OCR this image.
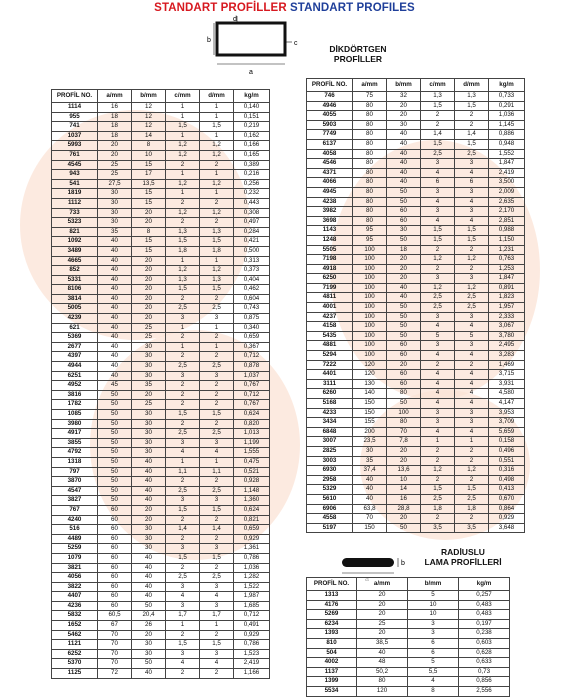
STANDART PROFİLLER STANDART PROFILES
b
a
c
d
DİKDÖRTGEN
PROFİLLER
PROFİL NO.	a/mm	b/mm	c/mm	d/mm	kg/m
1114	16	12	1	1	0,140
955	18	12	1	1	0,151
741	18	12	1,5	1,5	0,219
1037	18	14	1	1	0,162
5993	20	8	1,2	1,2	0,166
761	20	10	1,2	1,2	0,165
4545	25	15	2	2	0,389
943	25	17	1	1	0,216
541	27,5	13,5	1,2	1,2	0,256
1819	30	15	1	1	0,232
1112	30	15	2	2	0,443
733	30	20	1,2	1,2	0,308
5323	30	20	2	2	0,497
821	35	8	1,3	1,3	0,284
1092	40	15	1,5	1,5	0,421
3489	40	15	1,8	1,8	0,500
4665	40	20	1	1	0,313
852	40	20	1,2	1,2	0,373
5331	40	20	1,3	1,3	0,404
8106	40	20	1,5	1,5	0,462
3814	40	20	2	2	0,604
5005	40	20	2,5	2,5	0,743
4239	40	20	3	3	0,875
621	40	25	1	1	0,340
5369	40	25	2	2	0,659
2677	40	30	1	1	0,367
4397	40	30	2	2	0,712
4944	40	30	2,5	2,5	0,878
6251	40	30	3	3	1,037
4952	45	35	2	2	0,767
3816	50	20	2	2	0,712
1782	50	25	2	2	0,767
1085	50	30	1,5	1,5	0,624
3980	50	30	2	2	0,820
4917	50	30	2,5	2,5	1,013
3855	50	30	3	3	1,199
4792	50	30	4	4	1,555
1318	50	40	1	1	0,475
797	50	40	1,1	1,1	0,521
3870	50	40	2	2	0,928
4547	50	40	2,5	2,5	1,148
3827	50	40	3	3	1,360
767	60	20	1,5	1,5	0,624
4240	60	20	2	2	0,821
516	60	30	1,4	1,4	0,659
4489	60	30	2	2	0,929
5259	60	30	3	3	1,361
1079	60	40	1,5	1,5	0,786
3821	60	40	2	2	1,036
4056	60	40	2,5	2,5	1,282
3822	60	40	3	3	1,522
4407	60	40	4	4	1,987
4236	60	50	3	3	1,685
5832	60,5	20,4	1,7	1,7	0,712
1652	67	26	1	1	0,491
5462	70	20	2	2	0,929
1121	70	30	1,5	1,5	0,786
6252	70	30	3	3	1,523
5370	70	50	4	4	2,419
1125	72	40	2	2	1,166
PROFİL NO.	a/mm	b/mm	c/mm	d/mm	kg/m
746	75	32	1,3	1,3	0,733
4946	80	20	1,5	1,5	0,291
4055	80	20	2	2	1,036
5903	80	30	2	2	1,145
7749	80	40	1,4	1,4	0,886
6137	80	40	1,5	1,5	0,948
4058	80	40	2,5	2,5	1,552
4546	80	40	3	3	1,847
4371	80	40	4	4	2,419
4066	80	40	6	6	3,500
4945	80	50	3	3	2,009
4238	80	50	4	4	2,635
3982	80	60	3	3	2,170
3698	80	60	4	4	2,851
1143	95	30	1,5	1,5	0,988
1248	95	50	1,5	1,5	1,150
5505	100	18	2	2	1,231
7198	100	20	1,2	1,2	0,763
4918	100	20	2	2	1,253
6250	100	20	3	3	1,847
7199	100	40	1,2	1,2	0,891
4811	100	40	2,5	2,5	1,823
4001	100	50	2,5	2,5	1,957
4237	100	50	3	3	2,333
4158	100	50	4	4	3,067
5435	100	50	5	5	3,780
4881	100	60	3	3	2,495
5294	100	60	4	4	3,283
7222	120	20	2	2	1,469
4401	120	60	4	4	3,715
3111	130	60	4	4	3,931
6260	140	80	4	4	4,580
5168	150	50	4	4	4,147
4233	150	100	3	3	3,953
3434	155	80	3	3	3,709
6848	200	70	4	4	5,659
3007	23,5	7,8	1	1	0,158
2825	30	20	2	2	0,496
3003	35	20	2	2	0,551
6930	37,4	13,6	1,2	1,2	0,316
2958	40	10	2	2	0,498
5329	40	14	1,5	1,5	0,413
5610	40	16	2,5	2,5	0,670
6906	63,8	28,8	1,8	1,8	0,864
4558	70	20	2	2	0,929
5197	150	50	3,5	3,5	3,648
b
RADİUSLU
LAMA PROFİLLERİ
PROFİL NO.	a/mm	b/mm	kg/m
1313	20	5	0,257
4176	20	10	0,483
5269	20	10	0,483
6234	25	3	0,197
1393	20	3	0,238
810	38,5	6	0,603
504	40	6	0,628
4002	48	5	0,633
1137	50,2	5,5	0,73
1399	80	4	0,856
5534	120	8	2,556
